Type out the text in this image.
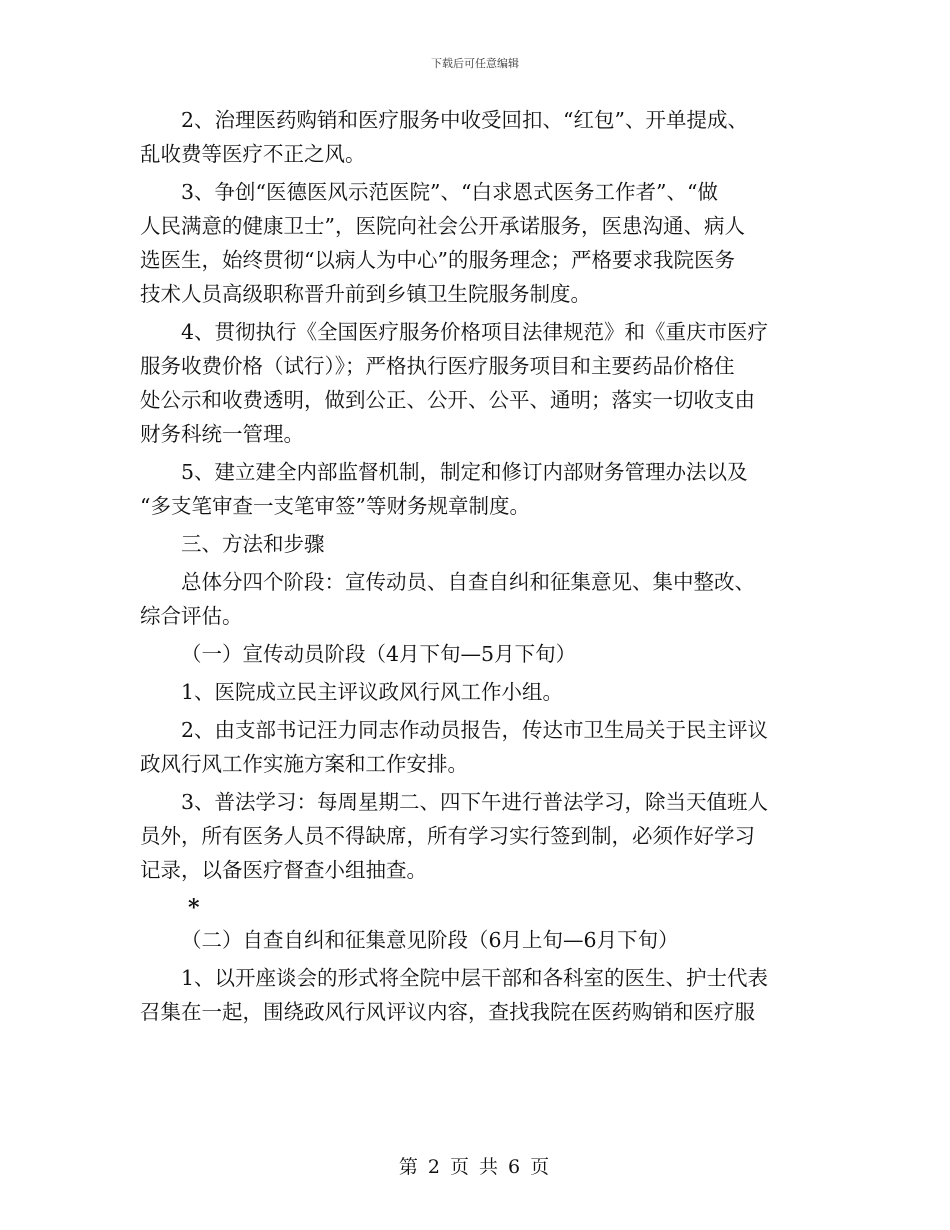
下载后可任意编辑
2、治理医药购销和医疗服务中收受回扣、“红包”、开单提成、
乱收费等医疗不正之风。
3、争创“医德医风示范医院”、“白求恩式医务工作者”、“做
人民满意的健康卫士”，医院向社会公开承诺服务，医患沟通、病人
选医生，始终贯彻“以病人为中心”的服务理念；严格要求我院医务
技术人员高级职称晋升前到乡镇卫生院服务制度。
4、贯彻执行《全国医疗服务价格项目法律规范》和《重庆市医疗
服务收费价格（试行）》；严格执行医疗服务项目和主要药品价格住
处公示和收费透明，做到公正、公开、公平、通明；落实一切收支由
财务科统一管理。
5、建立建全内部监督机制，制定和修订内部财务管理办法以及
“多支笔审查一支笔审签”等财务规章制度。
三、方法和步骤
总体分四个阶段：宣传动员、自查自纠和征集意见、集中整改、
综合评估。
（一）宣传动员阶段（4月下旬—5月下旬）
1、医院成立民主评议政风行风工作小组。
2、由支部书记汪力同志作动员报告，传达市卫生局关于民主评议
政风行风工作实施方案和工作安排。
3、普法学习：每周星期二、四下午进行普法学习，除当天值班人
员外，所有医务人员不得缺席，所有学习实行签到制，必须作好学习
记录，以备医疗督查小组抽查。
*
（二）自查自纠和征集意见阶段（6月上旬—6月下旬）
1、以开座谈会的形式将全院中层干部和各科室的医生、护士代表
召集在一起，围绕政风行风评议内容，查找我院在医药购销和医疗服
第 2 页 共 6 页
